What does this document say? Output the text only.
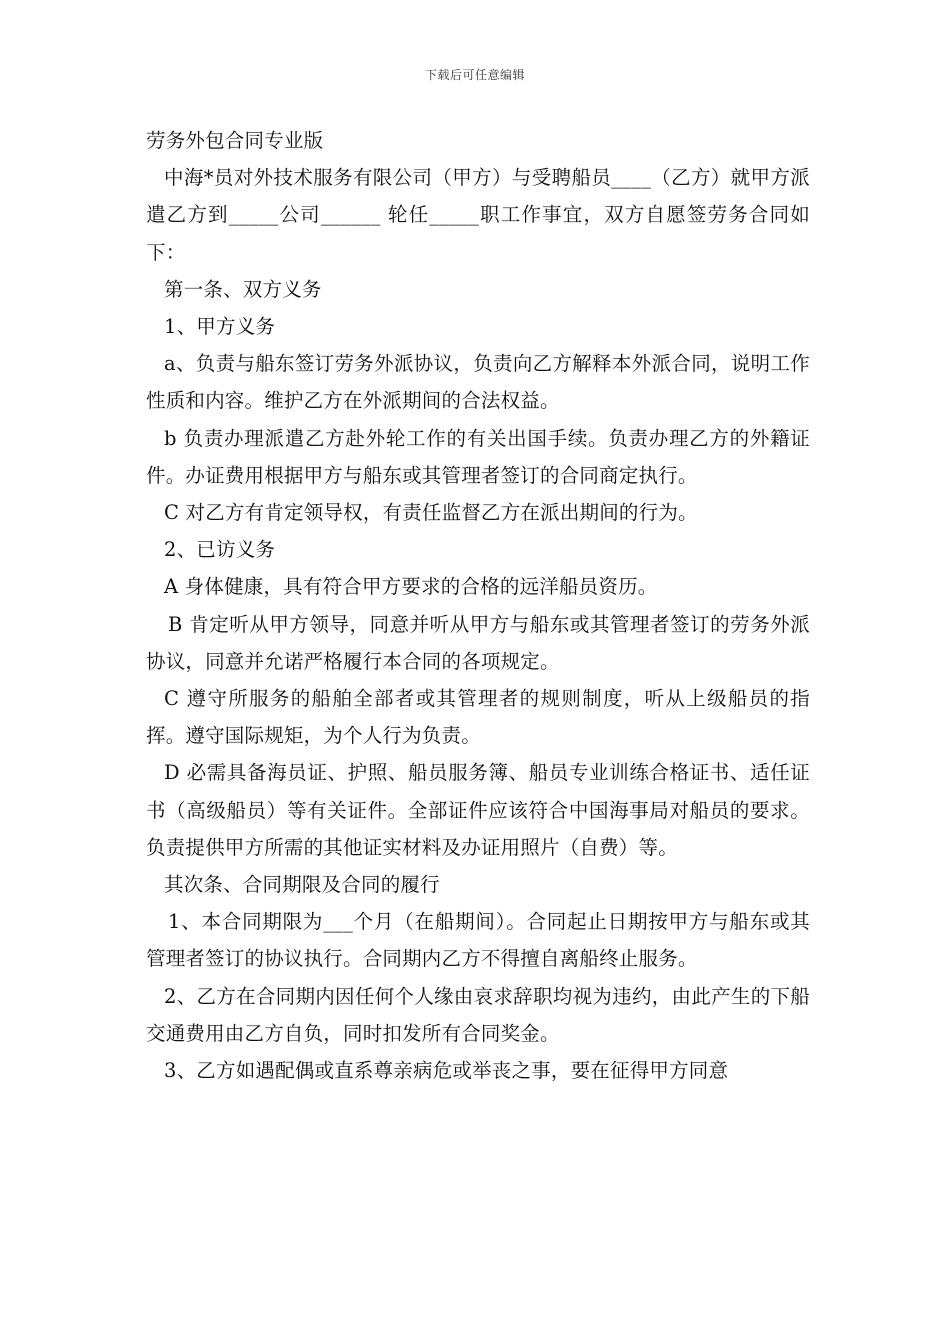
下载后可任意编辑

劳务外包合同专业版

中海*员对外技术服务有限公司（甲方）与受聘船员____（乙方）就甲方派遣乙方到_____公司______ 轮任_____职工作事宜，双方自愿签劳务合同如下：

第一条、双方义务

1、甲方义务

a、负责与船东签订劳务外派协议，负责向乙方解释本外派合同，说明工作性质和内容。维护乙方在外派期间的合法权益。

b 负责办理派遣乙方赴外轮工作的有关出国手续。负责办理乙方的外籍证件。办证费用根据甲方与船东或其管理者签订的合同商定执行。

C 对乙方有肯定领导权，有责任监督乙方在派出期间的行为。

2、已访义务

A 身体健康，具有符合甲方要求的合格的远洋船员资历。

B 肯定听从甲方领导，同意并听从甲方与船东或其管理者签订的劳务外派协议，同意并允诺严格履行本合同的各项规定。

C 遵守所服务的船舶全部者或其管理者的规则制度，听从上级船员的指挥。遵守国际规矩，为个人行为负责。

D 必需具备海员证、护照、船员服务簿、船员专业训练合格证书、适任证书（高级船员）等有关证件。全部证件应该符合中国海事局对船员的要求。负责提供甲方所需的其他证实材料及办证用照片（自费）等。

其次条、合同期限及合同的履行

1、本合同期限为___个月（在船期间）。合同起止日期按甲方与船东或其管理者签订的协议执行。合同期内乙方不得擅自离船终止服务。

2、乙方在合同期内因任何个人缘由哀求辞职均视为违约，由此产生的下船交通费用由乙方自负，同时扣发所有合同奖金。

3、乙方如遇配偶或直系尊亲病危或举丧之事，要在征得甲方同意
